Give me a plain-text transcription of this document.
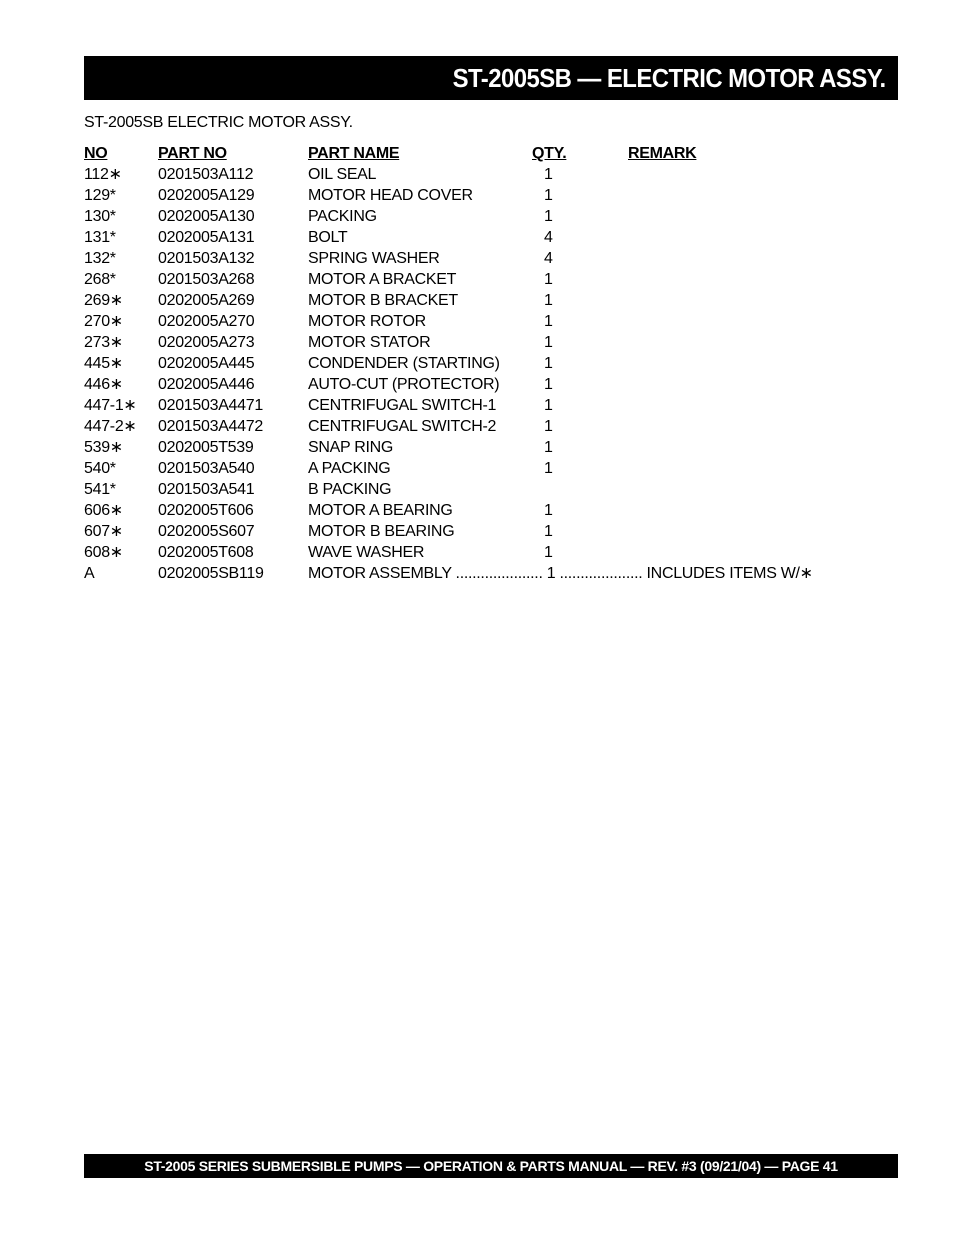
ST-2005SB — ELECTRIC MOTOR ASSY.
ST-2005SB ELECTRIC MOTOR ASSY.
NO	PART NO	PART NAME	QTY.	REMARK
112∗ 0201503A112	OIL SEAL	1
129*	0202005A129	MOTOR HEAD COVER	1
130*	0202005A130	PACKING	1
131*	0202005A131	BOLT	4
132*	0201503A132	SPRING WASHER	4
268*	0201503A268	MOTOR A BRACKET	1
269∗ 0202005A269	MOTOR B BRACKET	1
270∗ 0202005A270	MOTOR ROTOR	1
273∗ 0202005A273	MOTOR STATOR	1
445∗ 0202005A445	CONDENDER (STARTING)	1
446∗ 0202005A446	AUTO-CUT (PROTECTOR)	1
447-1∗ 0201503A4471	CENTRIFUGAL SWITCH-1	1
447-2∗ 0201503A4472	CENTRIFUGAL SWITCH-2	1
539∗ 0202005T539	SNAP RING	1
540*	0201503A540	A PACKING	1
541*	0201503A541	B PACKING
606∗ 0202005T606	MOTOR A BEARING	1
607∗ 0202005S607	MOTOR B BEARING	1
608∗ 0202005T608	WAVE WASHER	1
A	0202005SB119	MOTOR ASSEMBLY ..................... 1 .................... INCLUDES ITEMS W/∗
ST-2005 SERIES SUBMERSIBLE PUMPS — OPERATION & PARTS MANUAL — REV. #3 (09/21/04) — PAGE 41
